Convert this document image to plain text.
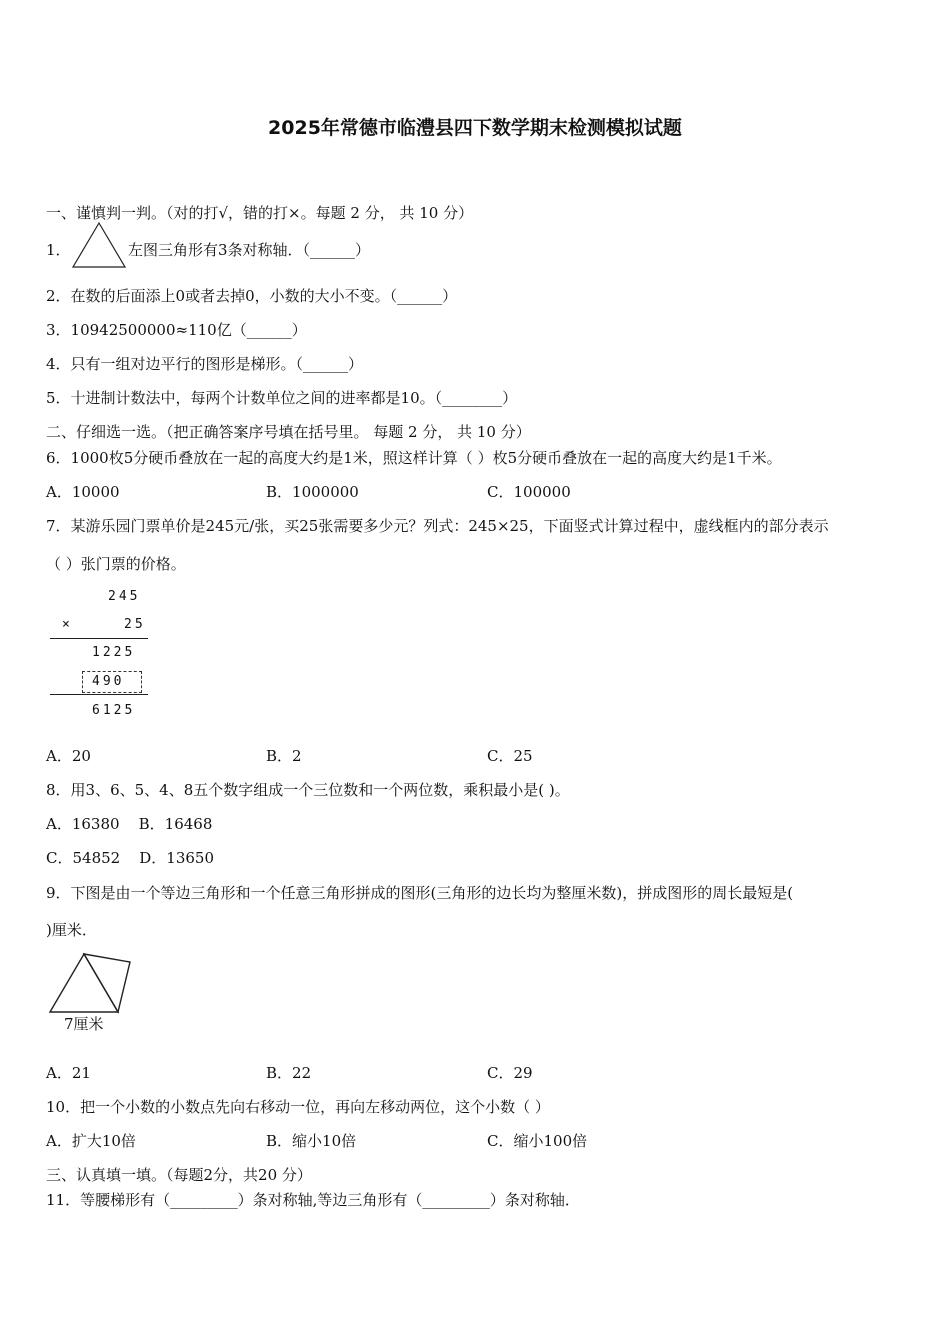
2025年常德市临澧县四下数学期末检测模拟试题
一、谨慎判一判。（对的打√，错的打×。每题 2 分， 共 10 分）
1．	左图三角形有3条对称轴．（______）
2．在数的后面添上0或者去掉0，小数的大小不变。（______）
3．10942500000≈110亿（______）
4．只有一组对边平行的图形是梯形。（______）
5．十进制计数法中，每两个计数单位之间的进率都是10。（________）
二、仔细选一选。（把正确答案序号填在括号里。 每题 2 分， 共 10 分）
6．1000枚5分硬币叠放在一起的高度大约是1米，照这样计算（ ）枚5分硬币叠放在一起的高度大约是1千米。
A．10000	B．1000000	C．100000
7．某游乐园门票单价是245元/张，买25张需要多少元？列式：245×25，下面竖式计算过程中，虚线框内的部分表示
（ ）张门票的价格。
245
×	25
1225
490
6125
A．20	B．2	C．25
8．用3、6、5、4、8五个数字组成一个三位数和一个两位数，乘积最小是( )。
A．16380    B．16468
C．54852    D．13650
9．下图是由一个等边三角形和一个任意三角形拼成的图形(三角形的边长均为整厘米数)，拼成图形的周长最短是(
)厘米．
7厘米
A．21	B．22	C．29
10．把一个小数的小数点先向右移动一位，再向左移动两位，这个小数（ ）
A．扩大10倍	B．缩小10倍	C．缩小100倍
三、认真填一填。（每题2分，共20 分）
11．等腰梯形有（_________）条对称轴,等边三角形有（_________）条对称轴．
